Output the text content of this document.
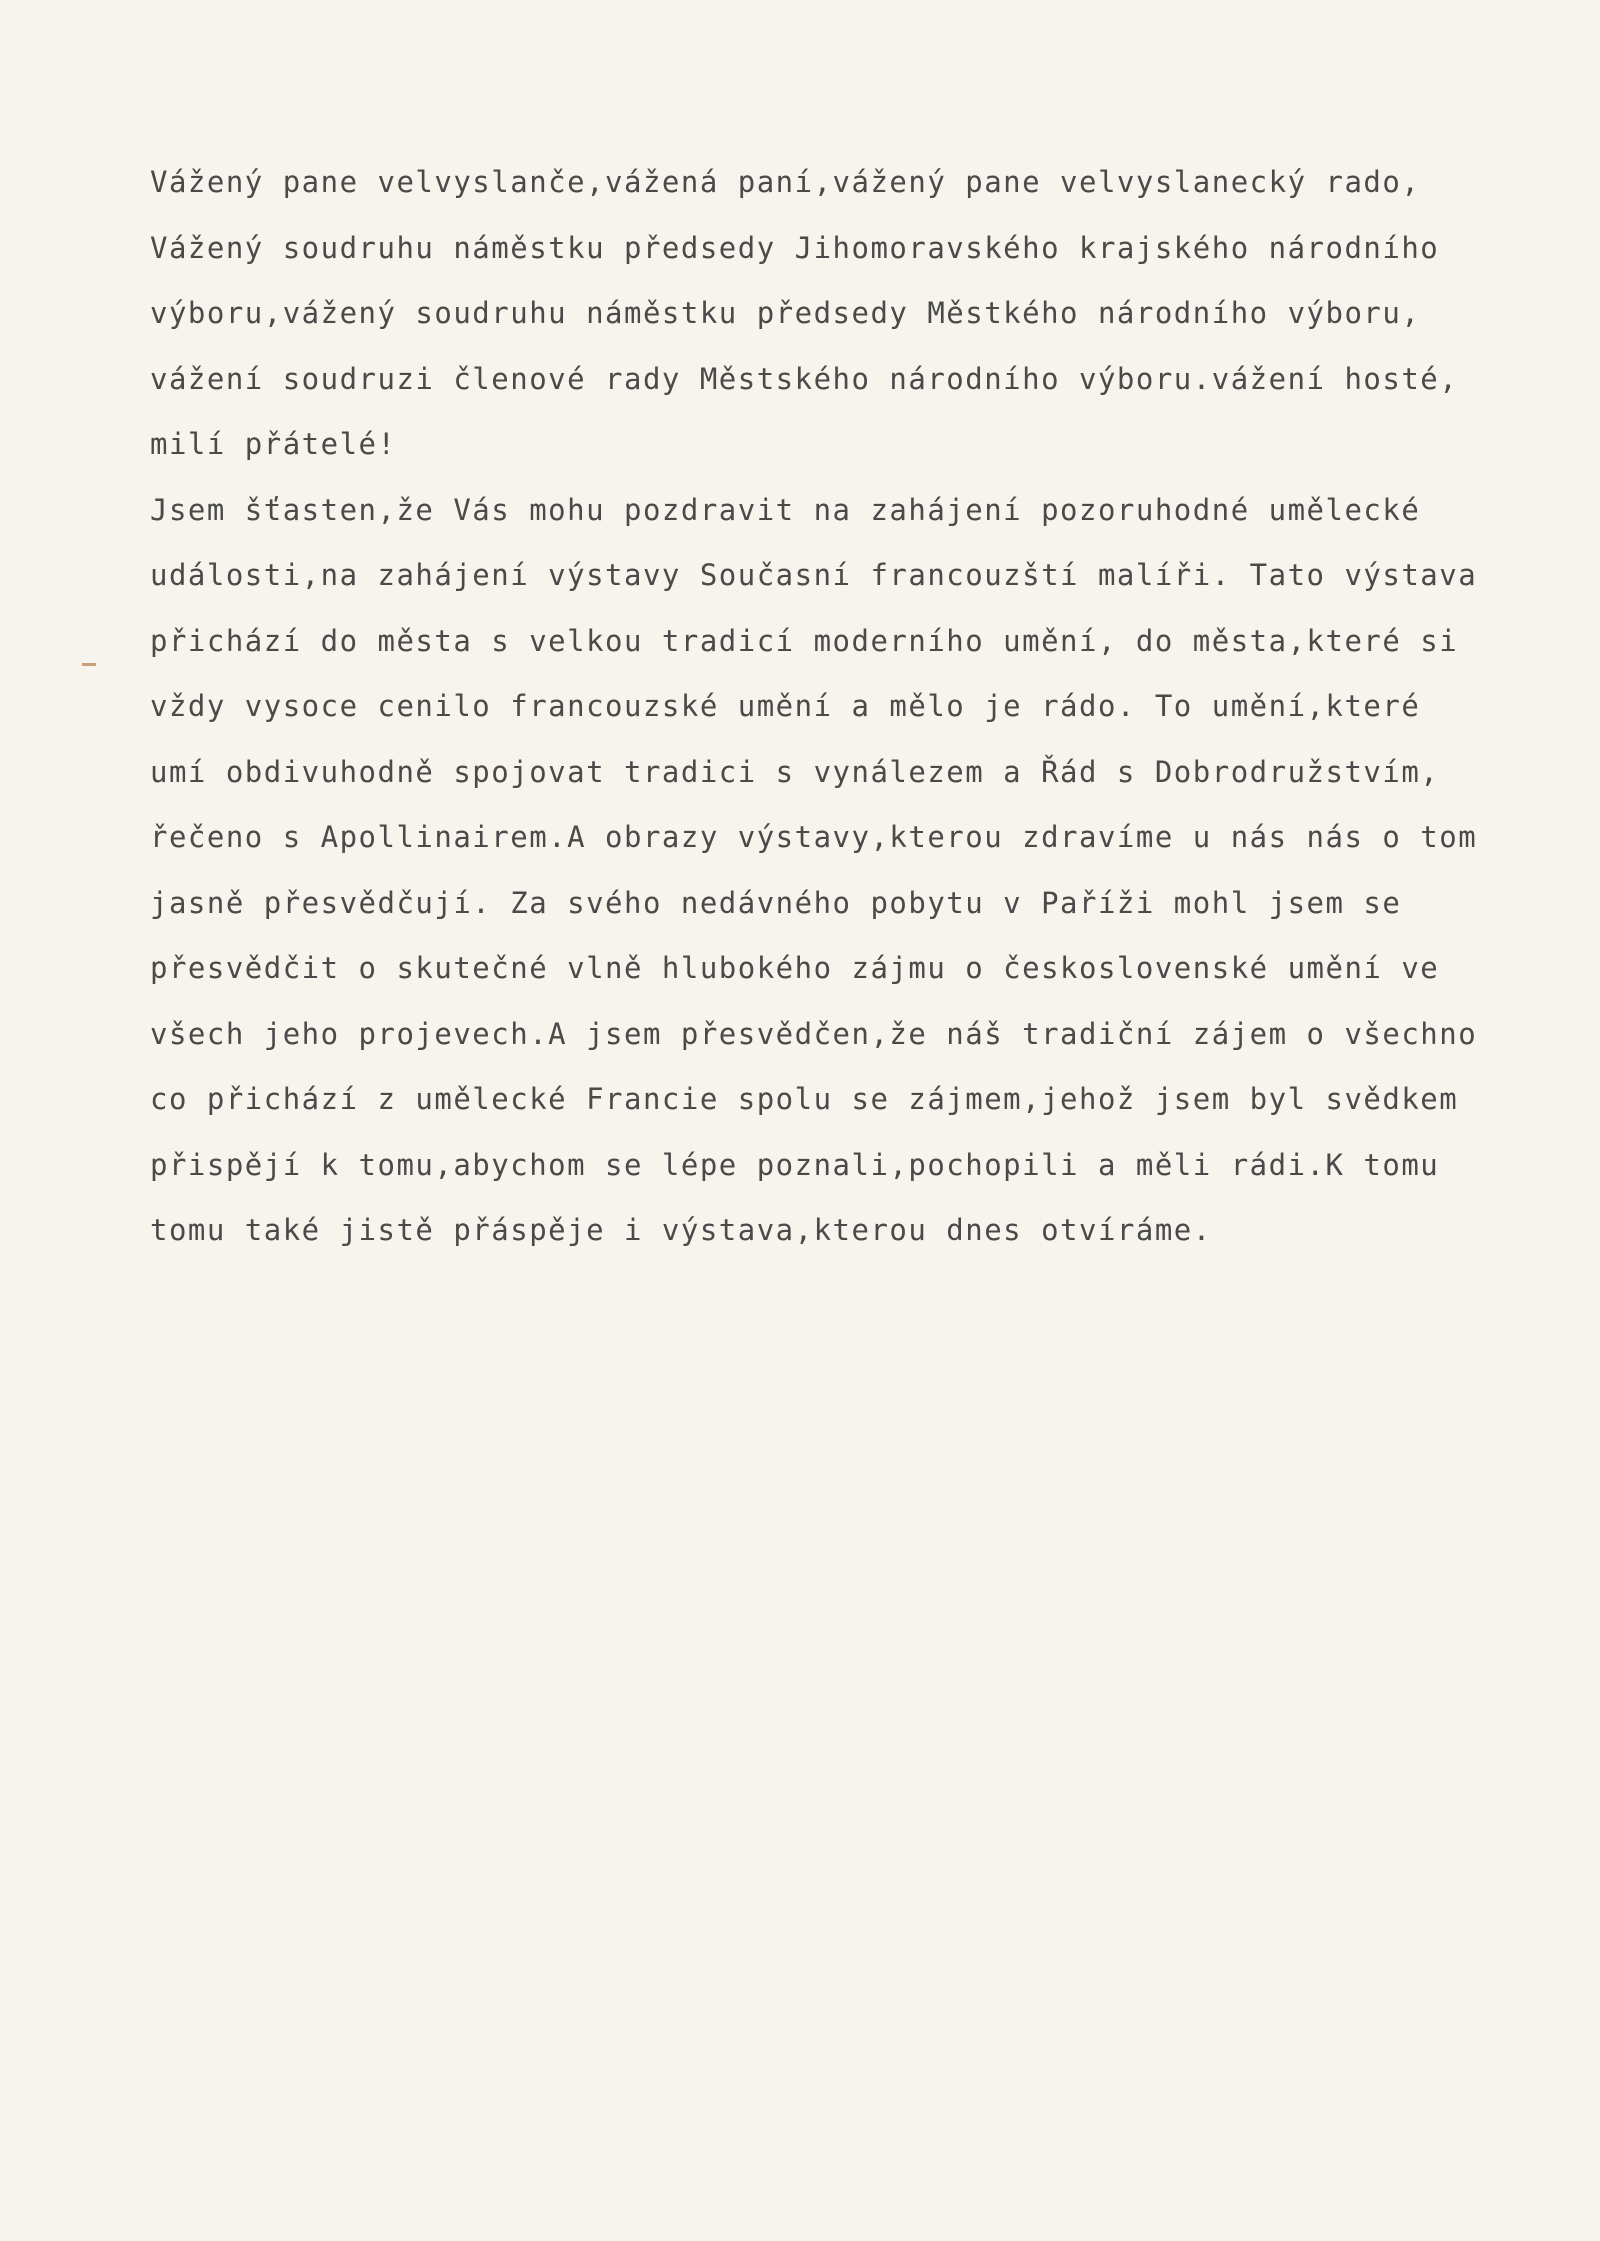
Vážený pane velvyslanče,vážená paní,vážený pane velvyslanecký rado,
Vážený soudruhu náměstku předsedy Jihomoravského krajského národního
výboru,vážený soudruhu náměstku předsedy Městkého národního výboru,
vážení soudruzi členové rady Městského národního výboru.vážení hosté,
milí přátelé!
Jsem šťasten,že Vás mohu pozdravit na zahájení pozoruhodné umělecké
události,na zahájení výstavy Současní francouzští malíři. Tato výstava
přichází do města s velkou tradicí moderního umění, do města,které si
vždy vysoce cenilo francouzské umění a mělo je rádo. To umění,které
umí obdivuhodně spojovat tradici s vynálezem a Řád s Dobrodružstvím,
řečeno s Apollinairem.A obrazy výstavy,kterou zdravíme u nás nás o tom
jasně přesvědčují. Za svého nedávného pobytu v Paříži mohl jsem se
přesvědčit o skutečné vlně hlubokého zájmu o československé umění ve
všech jeho projevech.A jsem přesvědčen,že náš tradiční zájem o všechno
co přichází z umělecké Francie spolu se zájmem,jehož jsem byl svědkem
přispějí k tomu,abychom se lépe poznali,pochopili a měli rádi.K tomu
tomu také jistě přáspěje i výstava,kterou dnes otvíráme.
